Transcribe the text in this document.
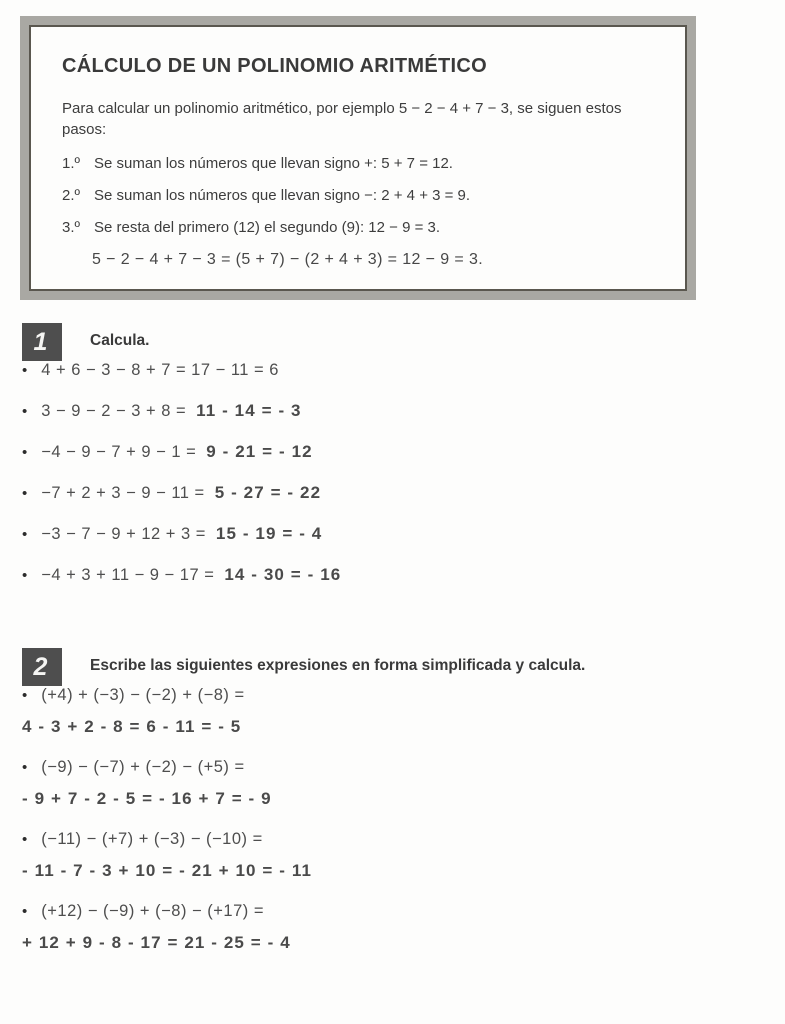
CÁLCULO DE UN POLINOMIO ARITMÉTICO

Para calcular un polinomio aritmético, por ejemplo 5 − 2 − 4 + 7 − 3, se siguen estos pasos:

1.º Se suman los números que llevan signo +: 5 + 7 = 12.
2.º Se suman los números que llevan signo −: 2 + 4 + 3 = 9.
3.º Se resta del primero (12) el segundo (9): 12 − 9 = 3.

5 − 2 − 4 + 7 − 3 = (5 + 7) − (2 + 4 + 3) = 12 − 9 = 3.

1	Calcula.
• 4 + 6 − 3 − 8 + 7 = 17 − 11 = 6
• 3 − 9 − 2 − 3 + 8 = 11 - 14 = - 3
• −4 − 9 − 7 + 9 − 1 = 9 - 21 = - 12
• −7 + 2 + 3 − 9 − 11 = 5 - 27 = - 22
• −3 − 7 − 9 + 12 + 3 = 15 - 19 = - 4
• −4 + 3 + 11 − 9 − 17 = 14 - 30 = - 16
2	Escribe las siguientes expresiones en forma simplificada y calcula.
• (+4) + (−3) − (−2) + (−8) =
4 - 3 + 2 - 8 = 6 - 11 = - 5
• (−9) − (−7) + (−2) − (+5) =
- 9 + 7 - 2 - 5 = - 16 + 7 = - 9
• (−11) − (+7) + (−3) − (−10) =
- 11 - 7 - 3 + 10 = - 21 + 10 = - 11
• (+12) − (−9) + (−8) − (+17) =
+ 12 + 9 - 8 - 17 = 21 - 25 = - 4
